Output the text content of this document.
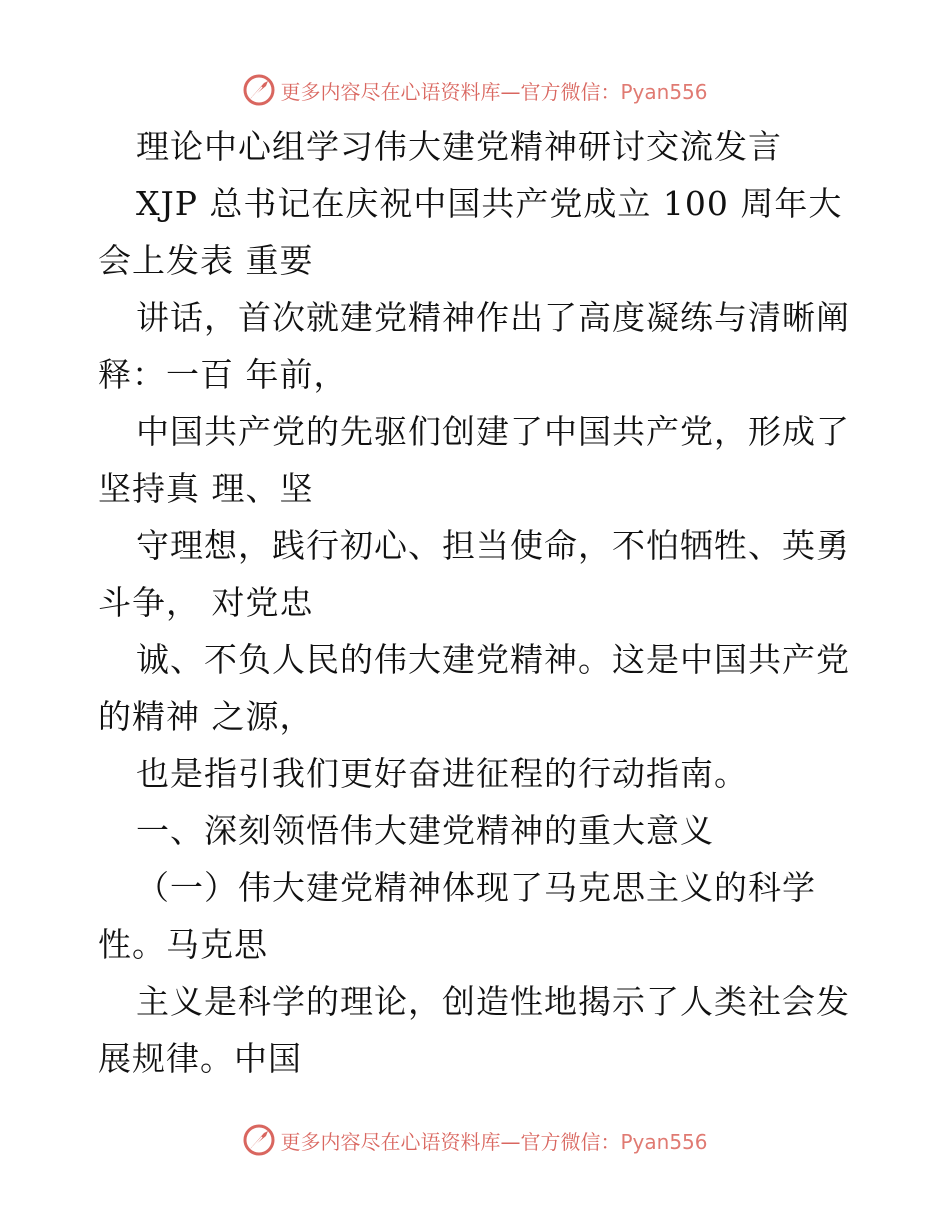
更多内容尽在心语资料库—官方微信：Pyan556

理论中心组学习伟大建党精神研讨交流发言

XJP 总书记在庆祝中国共产党成立 100 周年大

会上发表 重要

讲话，首次就建党精神作出了高度凝练与清晰阐

释：一百 年前，

中国共产党的先驱们创建了中国共产党，形成了

坚持真 理、坚

守理想，践行初心、担当使命，不怕牺牲、英勇

斗争， 对党忠

诚、不负人民的伟大建党精神。这是中国共产党

的精神 之源，

也是指引我们更好奋进征程的行动指南。

一、深刻领悟伟大建党精神的重大意义

（一）伟大建党精神体现了马克思主义的科学

性。马克思

主义是科学的理论，创造性地揭示了人类社会发

展规律。中国

更多内容尽在心语资料库—官方微信：Pyan556
